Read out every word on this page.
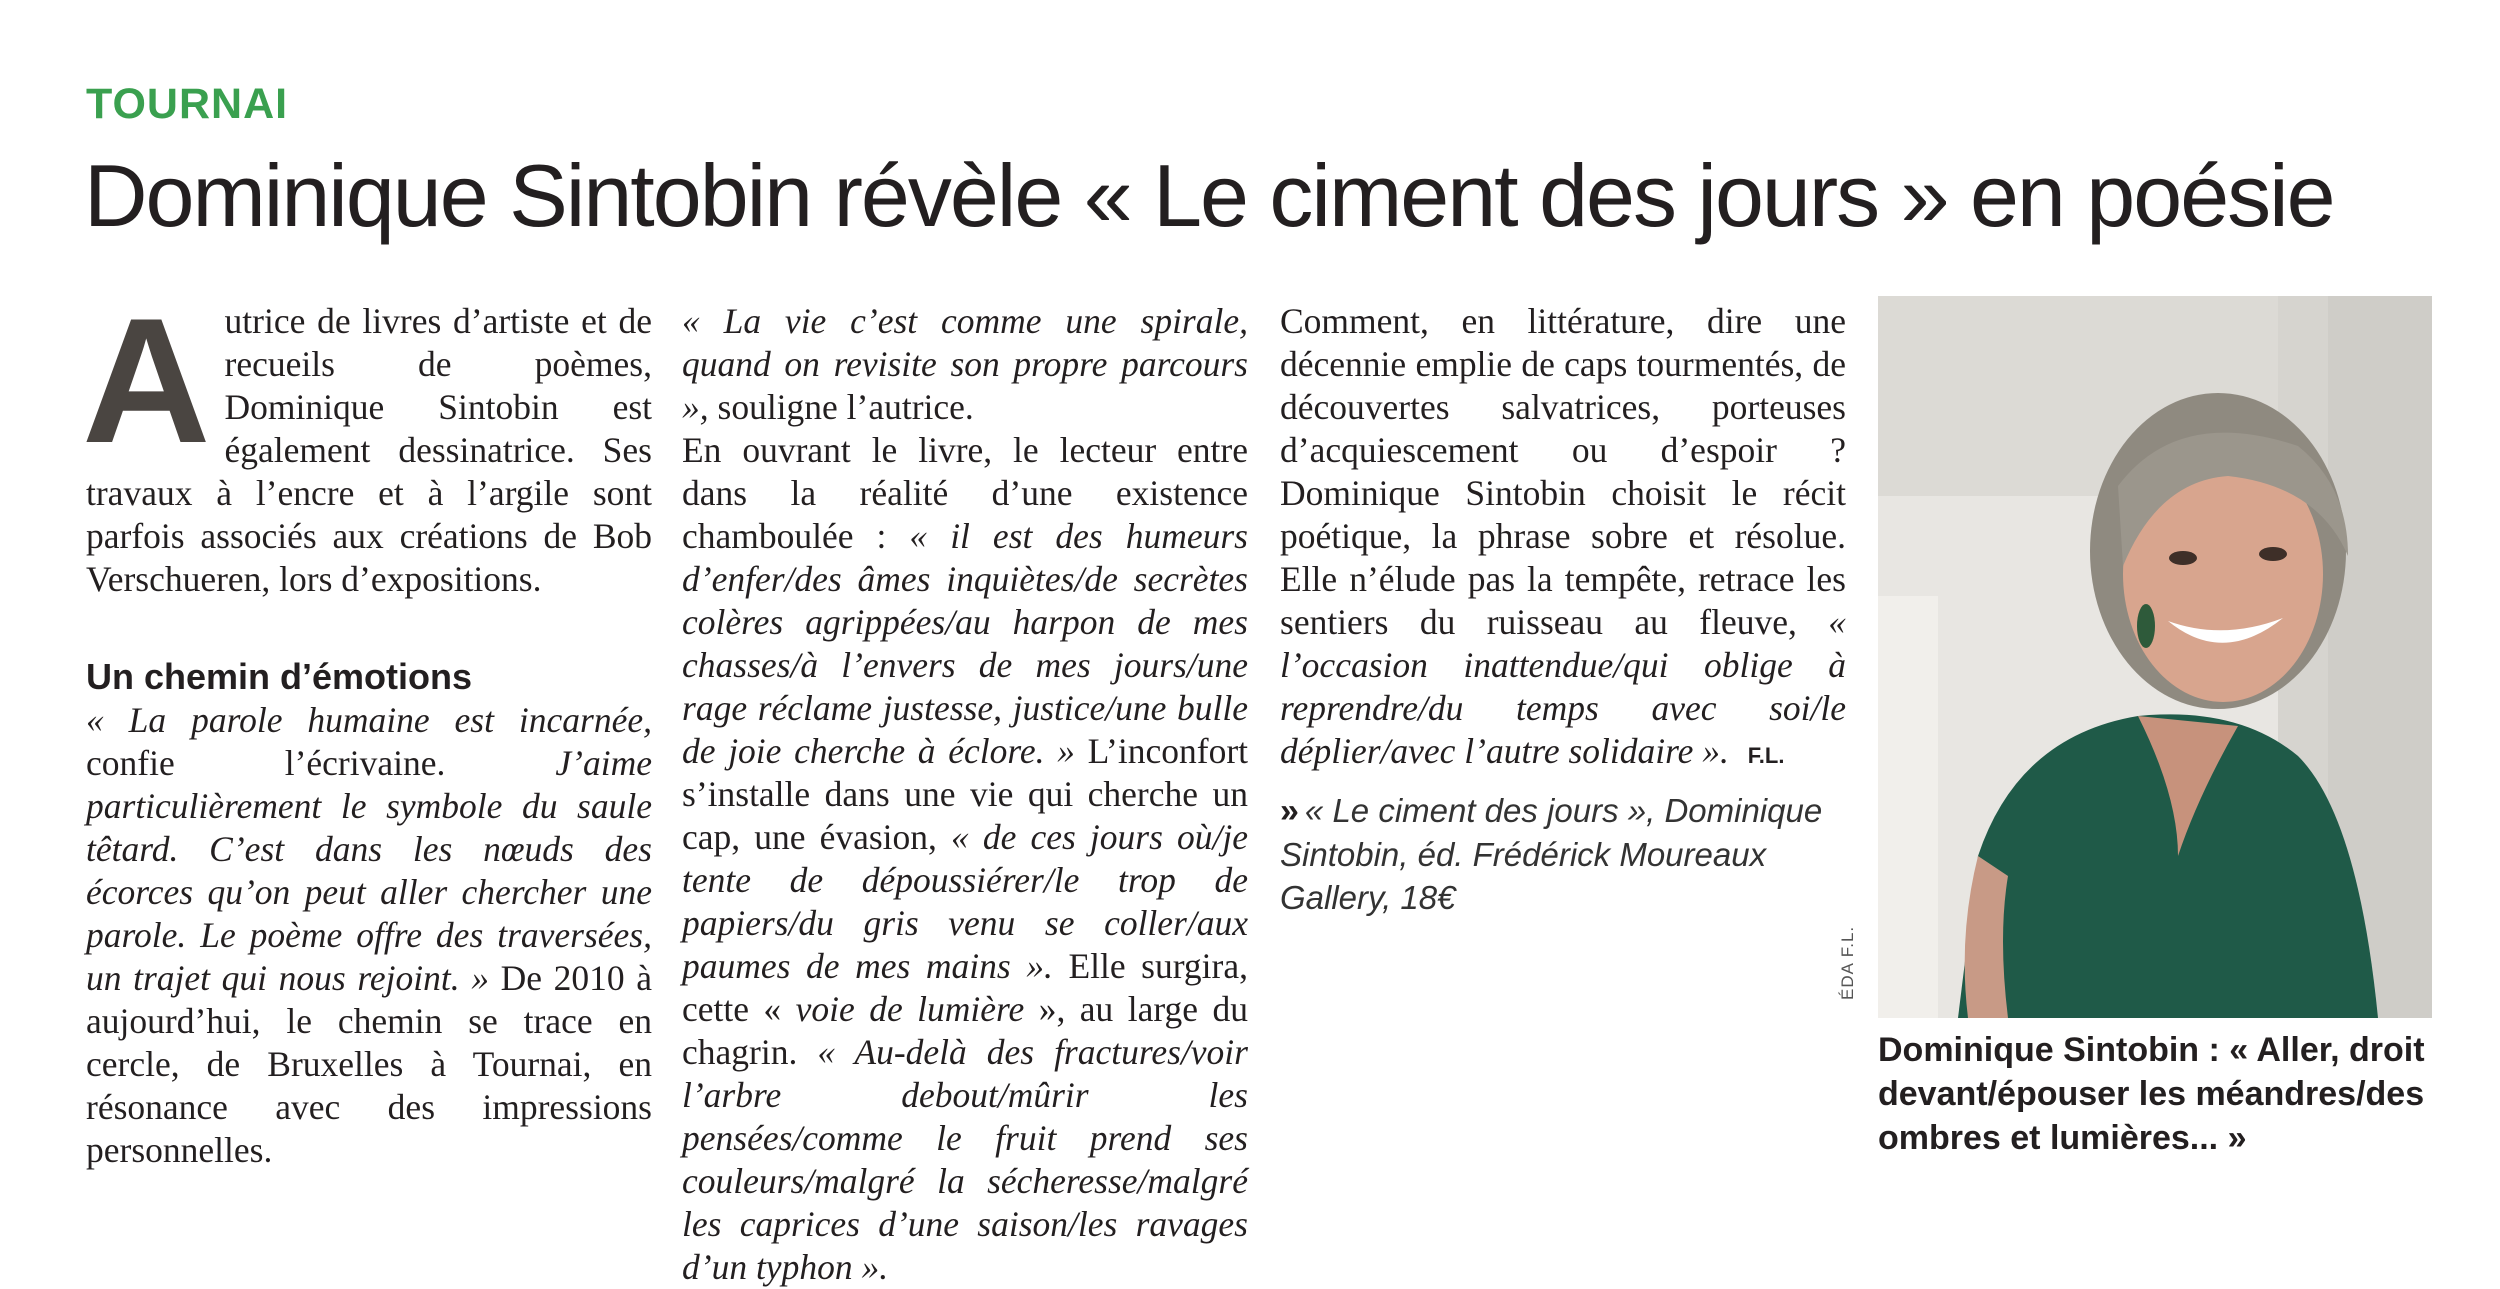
TOURNAI
Dominique Sintobin révèle « Le ciment des jours » en poésie

Autrice de livres d’artiste et de recueils de poèmes, Dominique Sintobin est également dessinatrice. Ses travaux à l’encre et à l’argile sont parfois associés aux créations de Bob Verschueren, lors d’expositions.

Un chemin d’émotions

« La parole humaine est incarnée, confie l’écrivaine.	J’aime particulièrement le symbole du saule têtard. C’est dans les nœuds des écorces qu’on peut aller chercher une parole. Le poème offre des traversées, un trajet qui nous rejoint. » De 2010 à aujourd’hui, le chemin se trace en cercle, de Bruxelles à Tournai, en résonance avec des impressions personnelles.

« La vie c’est comme une spirale, quand on revisite son propre parcours », souligne l’autrice.

En ouvrant le livre, le lecteur entre dans la réalité d’une existence chamboulée : « il est des humeurs d’enfer/des âmes inquiètes/de secrètes colères agrippées/au harpon de mes chasses/à l’envers de mes jours/une rage réclame justesse, justice/une bulle de joie cherche à éclore. » L’inconfort s’installe dans une vie qui cherche un cap, une évasion, « de ces jours où/je tente de dépoussiérer/le trop de papiers/du gris venu se coller/aux paumes de mes mains ». Elle surgira, cette « voie de lumière », au large du chagrin. « Au-delà des fractures/voir l’arbre debout/mûrir les pensées/comme le fruit prend ses couleurs/malgré la sécheresse/malgré les caprices d’une saison/les ravages d’un typhon ».

Comment, en littérature, dire une décennie emplie de caps tourmentés, de découvertes salvatrices, porteuses d’acquiescement ou d’espoir ? Dominique Sintobin choisit le récit poétique, la phrase sobre et résolue. Elle n’élude pas la tempête, retrace les sentiers du ruisseau au fleuve, « l’occasion inattendue/qui oblige à reprendre/du temps avec soi/le déplier/avec l’autre solidaire ». F.L.

» « Le ciment des jours », Dominique Sintobin, éd. Frédérick Moureaux Gallery, 18€

ÉDA F.L.
Dominique Sintobin : « Aller, droit devant/épouser les méandres/des ombres et lumières... »
